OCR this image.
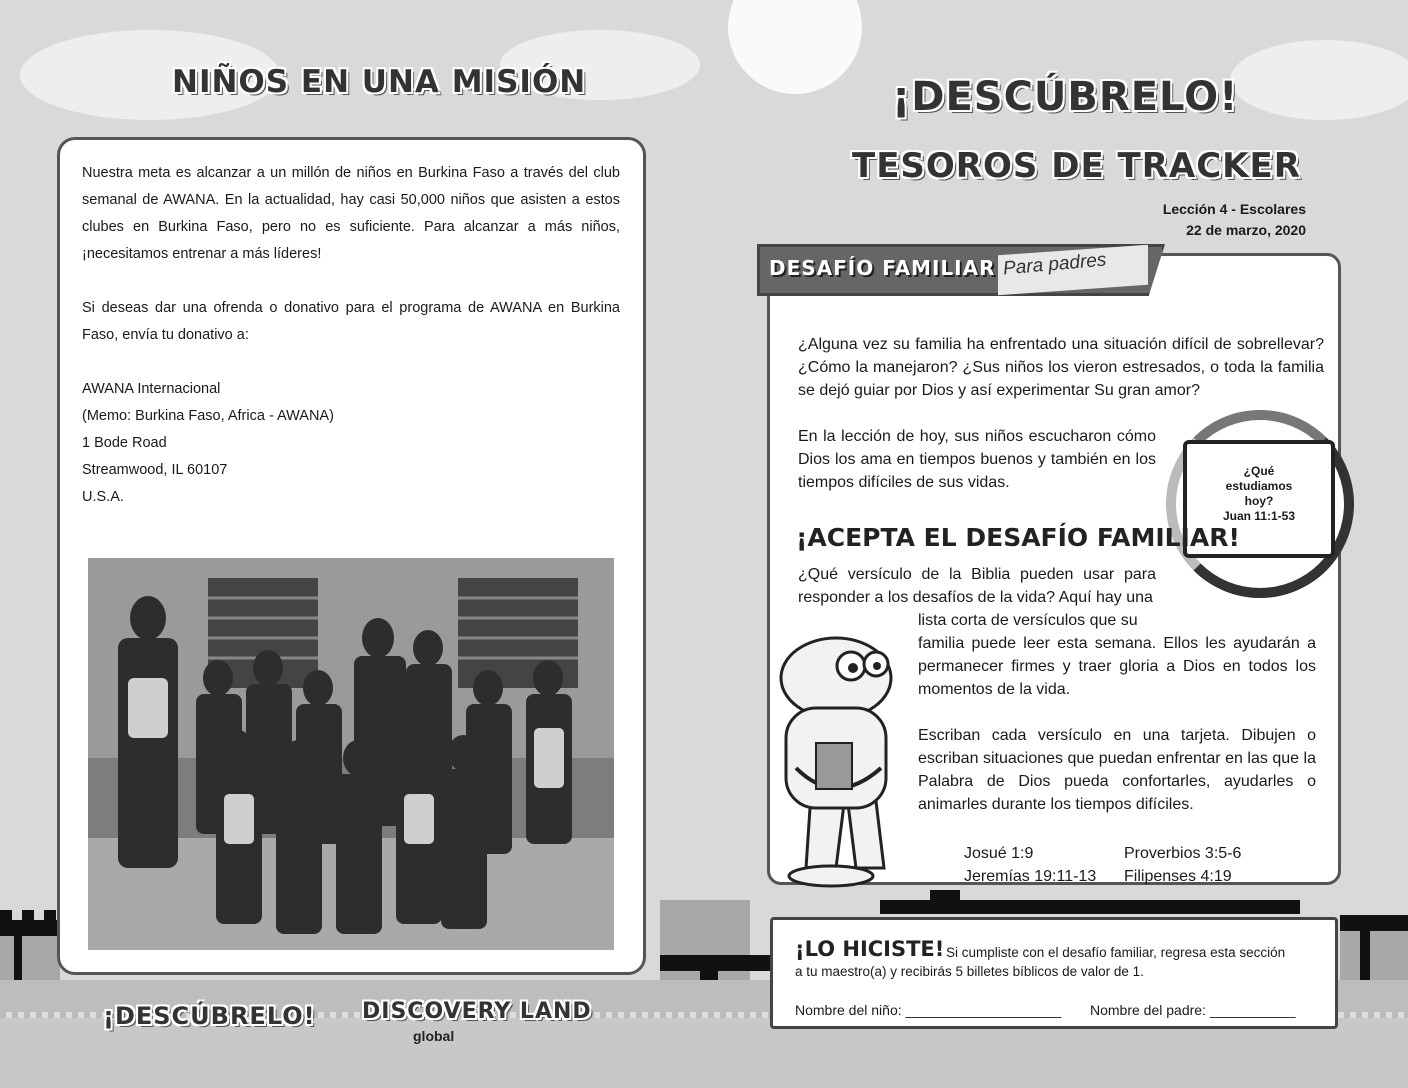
NIÑOS EN UNA MISIÓN

Nuestra meta es alcanzar a un millón de niños en Burkina Faso a través del club semanal de AWANA. En la actualidad, hay casi 50,000 niños que asisten a estos clubes en Burkina Faso, pero no es suficiente. Para alcanzar a más niños, ¡necesitamos entrenar a más líderes!

Si deseas dar una ofrenda o donativo para el programa de AWANA en Burkina Faso, envía tu donativo a:

AWANA Internacional
(Memo: Burkina Faso, Africa - AWANA)
1 Bode Road
Streamwood, IL 60107
U.S.A.
¡DESCÚBRELO! DISCOVERY LAND
global
¡DESCÚBRELO!
TESOROS DE TRACKER
Lección 4 - Escolares
22 de marzo, 2020
DESAFÍO FAMILIAR Para padres
¿Alguna vez su familia ha enfrentado una situación difícil de sobrellevar? ¿Cómo la manejaron? ¿Sus niños los vieron estresados, o toda la familia se dejó guiar por Dios y así experimentar Su gran amor?
En la lección de hoy, sus niños escucharon cómo Dios los ama en tiempos buenos y también en los tiempos difíciles de sus vidas.
¿Qué
estudiamos
hoy?
Juan 11:1-53
¡ACEPTA EL DESAFÍO FAMILIAR!
¿Qué versículo de la Biblia pueden usar para responder a los desafíos de la vida? Aquí hay una
lista corta de versículos que su
familia puede leer esta semana. Ellos les ayudarán a permanecer firmes y traer gloria a Dios en todos los momentos de la vida.
Escriban cada versículo en una tarjeta. Dibujen o escriban situaciones que puedan enfrentar en las que la Palabra de Dios pueda confortarles, ayudarles o animarles durante los tiempos difíciles.
Josué 1:9	Proverbios 3:5-6
Jeremías 19:11-13 Filipenses 4:19
¡LO HICISTE! Si cumpliste con el desafío familiar, regresa esta sección
a tu maestro(a) y recibirás 5 billetes bíblicos de valor de 1.
Nombre del niño: ____________________ Nombre del padre: ___________
